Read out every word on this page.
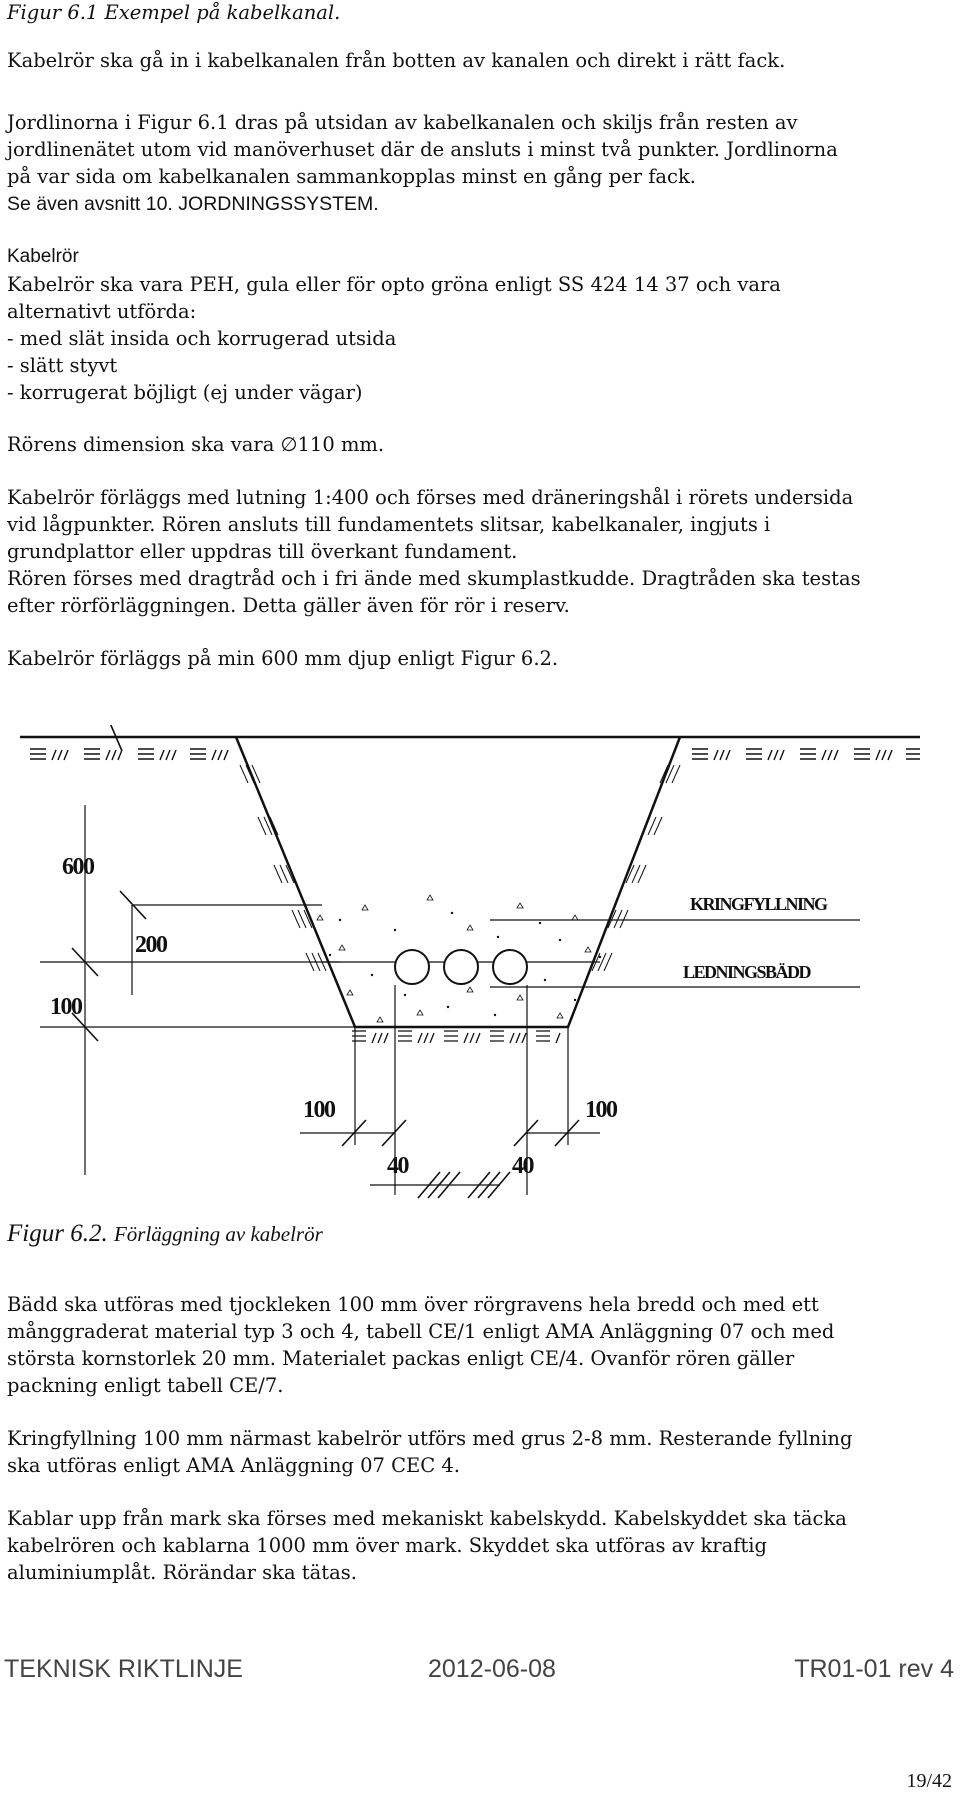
Figur 6.1 Exempel på kabelkanal.
Kabelrör ska gå in i kabelkanalen från botten av kanalen och direkt i rätt fack.
Jordlinorna i Figur 6.1 dras på utsidan av kabelkanalen och skiljs från resten av
jordlinenätet utom vid manöverhuset där de ansluts i minst två punkter. Jordlinorna
på var sida om kabelkanalen sammankopplas minst en gång per fack.
Se även avsnitt 10. JORDNINGSSYSTEM.
Kabelrör
Kabelrör ska vara PEH, gula eller för opto gröna enligt SS 424 14 37 och vara
alternativt utförda:
- med slät insida och korrugerad utsida
- slätt styvt
- korrugerat böjligt (ej under vägar)
Rörens dimension ska vara ∅110 mm.
Kabelrör förläggs med lutning 1:400 och förses med dräneringshål i rörets undersida
vid lågpunkter. Rören ansluts till fundamentets slitsar, kabelkanaler, ingjuts i
grundplattor eller uppdras till överkant fundament.
Rören förses med dragtråd och i fri ände med skumplastkudde. Dragtråden ska testas
efter rörförläggningen. Detta gäller även för rör i reserv.
Kabelrör förläggs på min 600 mm djup enligt Figur 6.2.
600
200
100
KRINGFYLLNING
LEDNINGSBÄDD
100	100
40	40
Figur 6.2. Förläggning av kabelrör
Bädd ska utföras med tjockleken 100 mm över rörgravens hela bredd och med ett
månggraderat material typ 3 och 4, tabell CE/1 enligt AMA Anläggning 07 och med
största kornstorlek 20 mm. Materialet packas enligt CE/4. Ovanför rören gäller
packning enligt tabell CE/7.
Kringfyllning 100 mm närmast kabelrör utförs med grus 2-8 mm. Resterande fyllning
ska utföras enligt AMA Anläggning 07 CEC 4.
Kablar upp från mark ska förses med mekaniskt kabelskydd. Kabelskyddet ska täcka
kabelrören och kablarna 1000 mm över mark. Skyddet ska utföras av kraftig
aluminiumplåt. Rörändar ska tätas.
TEKNISK RIKTLINJE	2012-06-08	TR01-01 rev 4
19/42
